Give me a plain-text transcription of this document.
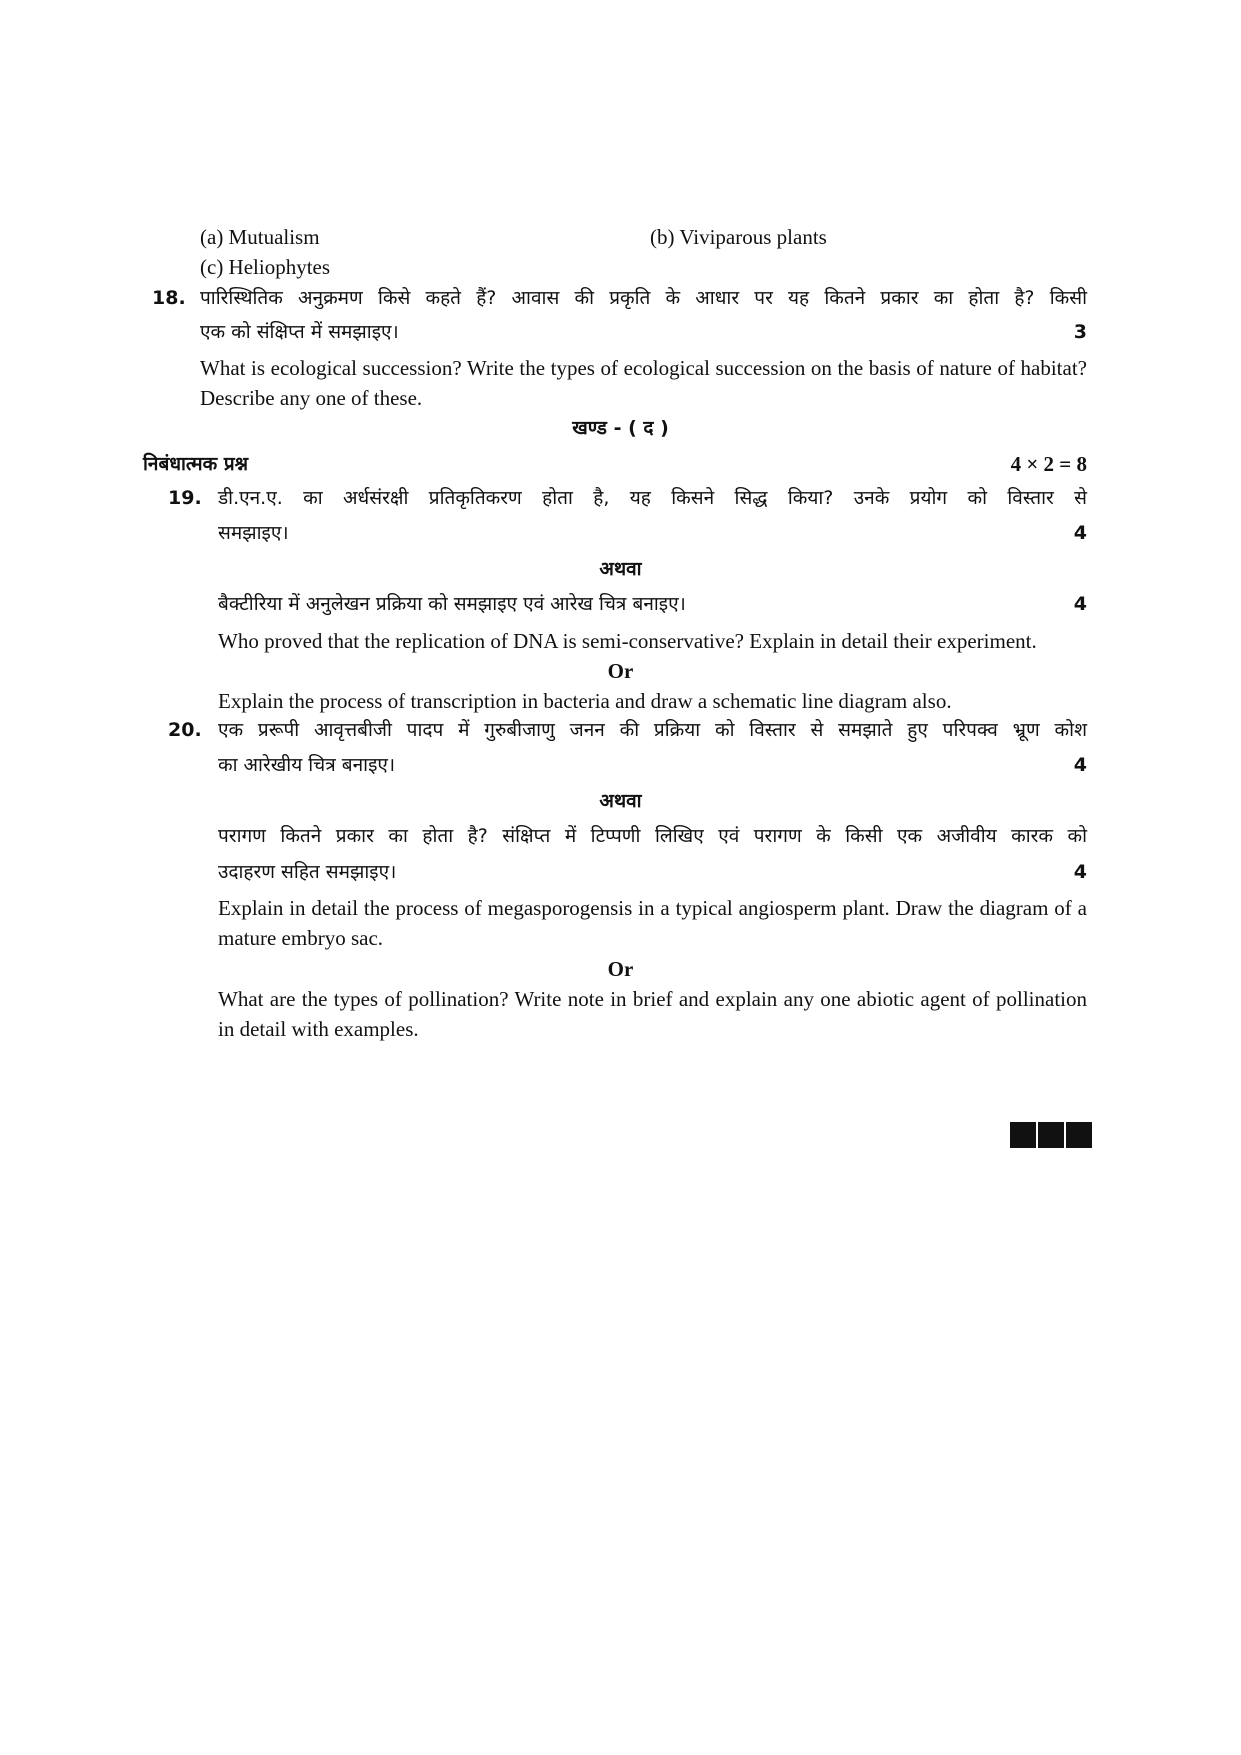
(a) Mutualism	(b) Viviparous plants
(c) Heliophytes
18. पारिस्थितिक अनुक्रमण किसे कहते हैं? आवास की प्रकृति के आधार पर यह कितने प्रकार का होता है? किसी
एक को संक्षिप्त में समझाइए।	3
What is ecological succession? Write the types of ecological succession on the basis of nature of habitat? Describe any one of these.
खण्ड - ( द )
निबंधात्मक प्रश्न	4 × 2 = 8
19. डी.एन.ए. का अर्धसंरक्षी प्रतिकृतिकरण होता है, यह किसने सिद्ध किया? उनके प्रयोग को विस्तार से
समझाइए।	4
अथवा
बैक्टीरिया में अनुलेखन प्रक्रिया को समझाइए एवं आरेख चित्र बनाइए।	4
Who proved that the replication of DNA is semi-conservative? Explain in detail their experiment.
Or
Explain the process of transcription in bacteria and draw a schematic line diagram also.
20. एक प्ररूपी आवृत्तबीजी पादप में गुरुबीजाणु जनन की प्रक्रिया को विस्तार से समझाते हुए परिपक्व भ्रूण कोश
का आरेखीय चित्र बनाइए।	4
अथवा
परागण कितने प्रकार का होता है? संक्षिप्त में टिप्पणी लिखिए एवं परागण के किसी एक अजीवीय कारक को
उदाहरण सहित समझाइए।	4
Explain in detail the process of megasporogensis in a typical angiosperm plant. Draw the diagram of a mature embryo sac.
Or
What are the types of pollination? Write note in brief and explain any one abiotic agent of pollination in detail with examples.
